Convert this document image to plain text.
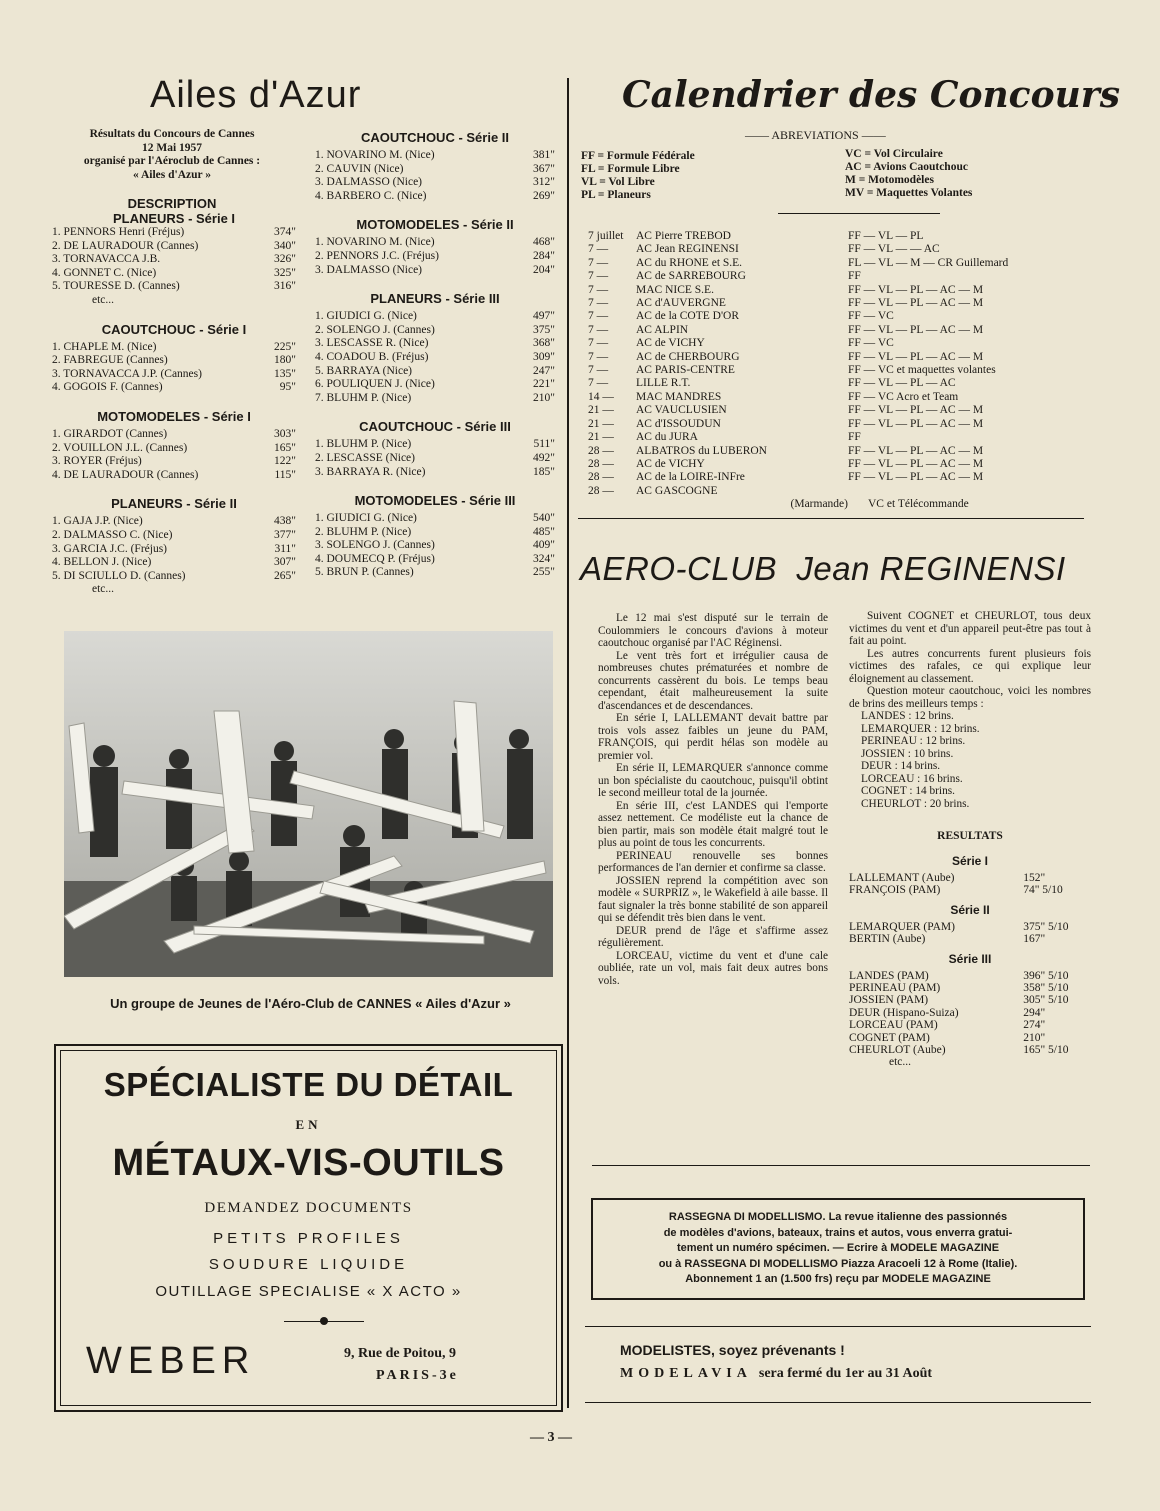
Ailes d'Azur
Résultats du Concours de Cannes
12 Mai 1957
organisé par l'Aéroclub de Cannes :
« Ailes d'Azur »
DESCRIPTION
PLANEURS - Série I
1. PENNORS Henri (Fréjus)	374"
2. DE LAURADOUR (Cannes)	340"
3. TORNAVACCA J.B.	326"
4. GONNET C. (Nice)	325"
5. TOURESSE D. (Cannes)	316"
etc...
CAOUTCHOUC - Série I
1. CHAPLE M. (Nice)	225"
2. FABREGUE (Cannes)	180"
3. TORNAVACCA J.P. (Cannes)	135"
4. GOGOIS F. (Cannes)	95"
MOTOMODELES - Série I
1. GIRARDOT (Cannes)	303"
2. VOUILLON J.L. (Cannes)	165"
3. ROYER (Fréjus)	122"
4. DE LAURADOUR (Cannes)	115"
PLANEURS - Série II
1. GAJA J.P. (Nice)	438"
2. DALMASSO C. (Nice)	377"
3. GARCIA J.C. (Fréjus)	311"
4. BELLON J. (Nice)	307"
5. DI SCIULLO D. (Cannes)	265"
etc...
CAOUTCHOUC - Série II
1. NOVARINO M. (Nice)	381"
2. CAUVIN (Nice)	367"
3. DALMASSO (Nice)	312"
4. BARBERO C. (Nice)	269"
MOTOMODELES - Série II
1. NOVARINO M. (Nice)	468"
2. PENNORS J.C. (Fréjus)	284"
3. DALMASSO (Nice)	204"
PLANEURS - Série III
1. GIUDICI G. (Nice)	497"
2. SOLENGO J. (Cannes)	375"
3. LESCASSE R. (Nice)	368"
4. COADOU B. (Fréjus)	309"
5. BARRAYA (Nice)	247"
6. POULIQUEN J. (Nice)	221"
7. BLUHM P. (Nice)	210"
CAOUTCHOUC - Série III
1. BLUHM P. (Nice)	511"
2. LESCASSE (Nice)	492"
3. BARRAYA R. (Nice)	185"
MOTOMODELES - Série III
1. GIUDICI G. (Nice)	540"
2. BLUHM P. (Nice)	485"
3. SOLENGO J. (Cannes)	409"
4. DOUMECQ P. (Fréjus)	324"
5. BRUN P. (Cannes)	255"
Un groupe de Jeunes de l'Aéro-Club de CANNES « Ailes d'Azur »
SPÉCIALISTE DU DÉTAIL
EN
MÉTAUX-VIS-OUTILS
DEMANDEZ DOCUMENTS
PETITS PROFILES
SOUDURE LIQUIDE
OUTILLAGE SPECIALISE « X ACTO »
WEBER	9, Rue de Poitou, 9
PARIS-3e
Calendrier des Concours
—— ABREVIATIONS ——
FF = Formule Fédérale
FL = Formule Libre
VL = Vol Libre
PL = Planeurs
VC = Vol Circulaire
AC = Avions Caoutchouc
M = Motomodèles
MV = Maquettes Volantes
7 juillet	AC Pierre TREBOD	FF — VL — PL
7 —	AC Jean REGINENSI	FF — VL — — AC
7 —	AC du RHONE et S.E.	FL — VL — M — CR Guillemard
7 —	AC de SARREBOURG	FF
7 —	MAC NICE S.E.	FF — VL — PL — AC — M
7 —	AC d'AUVERGNE	FF — VL — PL — AC — M
7 —	AC de la COTE D'OR	FF — VC
7 —	AC ALPIN	FF — VL — PL — AC — M
7 —	AC de VICHY	FF — VC
7 —	AC de CHERBOURG	FF — VL — PL — AC — M
7 —	AC PARIS-CENTRE	FF — VC et maquettes volantes
7 —	LILLE R.T.	FF — VL — PL — AC
14 —	MAC MANDRES	FF — VC Acro et Team
21 —	AC VAUCLUSIEN	FF — VL — PL — AC — M
21 —	AC d'ISSOUDUN	FF — VL — PL — AC — M
21 —	AC du JURA	FF
28 —	ALBATROS du LUBERON	FF — VL — PL — AC — M
28 —	AC de VICHY	FF — VL — PL — AC — M
28 —	AC de la LOIRE-INFre	FF — VL — PL — AC — M
28 —	AC GASCOGNE
(Marmande)	VC et Télécommande
AERO-CLUB  Jean REGINENSI

Le 12 mai s'est disputé sur le terrain de Coulommiers le concours d'avions à moteur caoutchouc organisé par l'AC Réginensi.

Le vent très fort et irrégulier causa de nombreuses chutes prématurées et nombre de concurrents cassèrent du bois. Le temps beau cependant, était malheureusement la suite d'ascendances et de descendances.

En série I, LALLEMANT devait battre par trois vols assez faibles un jeune du PAM, FRANÇOIS, qui perdit hélas son modèle au premier vol.

En série II, LEMARQUER s'annonce comme un bon spécialiste du caoutchouc, puisqu'il obtint le second meilleur total de la journée.

En série III, c'est LANDES qui l'emporte assez nettement. Ce modéliste eut la chance de bien partir, mais son modèle était malgré tout le plus au point de tous les concurrents.

PERINEAU renouvelle ses bonnes performances de l'an dernier et confirme sa classe.

JOSSIEN reprend la compétition avec son modèle « SURPRIZ », le Wakefield à aile basse. Il faut signaler la très bonne stabilité de son appareil qui se défendit très bien dans le vent.

DEUR prend de l'âge et s'affirme assez régulièrement.

LORCEAU, victime du vent et d'une cale oubliée, rate un vol, mais fait deux autres bons vols.

Suivent COGNET et CHEURLOT, tous deux victimes du vent et d'un appareil peut-être pas tout à fait au point.

Les autres concurrents furent plusieurs fois victimes des rafales, ce qui explique leur éloignement au classement.

Question moteur caoutchouc, voici les nombres de brins des meilleurs temps :

LANDES : 12 brins.
LEMARQUER : 12 brins.
PERINEAU : 12 brins.
JOSSIEN : 10 brins.
DEUR : 14 brins.
LORCEAU : 16 brins.
COGNET : 14 brins.
CHEURLOT : 20 brins.
RESULTATS
Série I
LALLEMANT (Aube)	152"
FRANÇOIS (PAM)	74" 5/10
Série II
LEMARQUER (PAM)	375" 5/10
BERTIN (Aube)	167"
Série III
LANDES (PAM)	396" 5/10
PERINEAU (PAM)	358" 5/10
JOSSIEN (PAM)	305" 5/10
DEUR (Hispano-Suiza)	294"
LORCEAU (PAM)	274"
COGNET (PAM)	210"
CHEURLOT (Aube)	165" 5/10
etc...
RASSEGNA DI MODELLISMO. La revue italienne des passionnés
de modèles d'avions, bateaux, trains et autos, vous enverra gratui-
tement un numéro spécimen. — Ecrire à MODELE MAGAZINE
ou à RASSEGNA DI MODELLISMO Piazza Aracoeli 12 à Rome (Italie).
Abonnement 1 an (1.500 frs) reçu par MODELE MAGAZINE
MODELISTES, soyez prévenants !
MODELAVIA sera fermé du 1er au 31 Août
— 3 —
